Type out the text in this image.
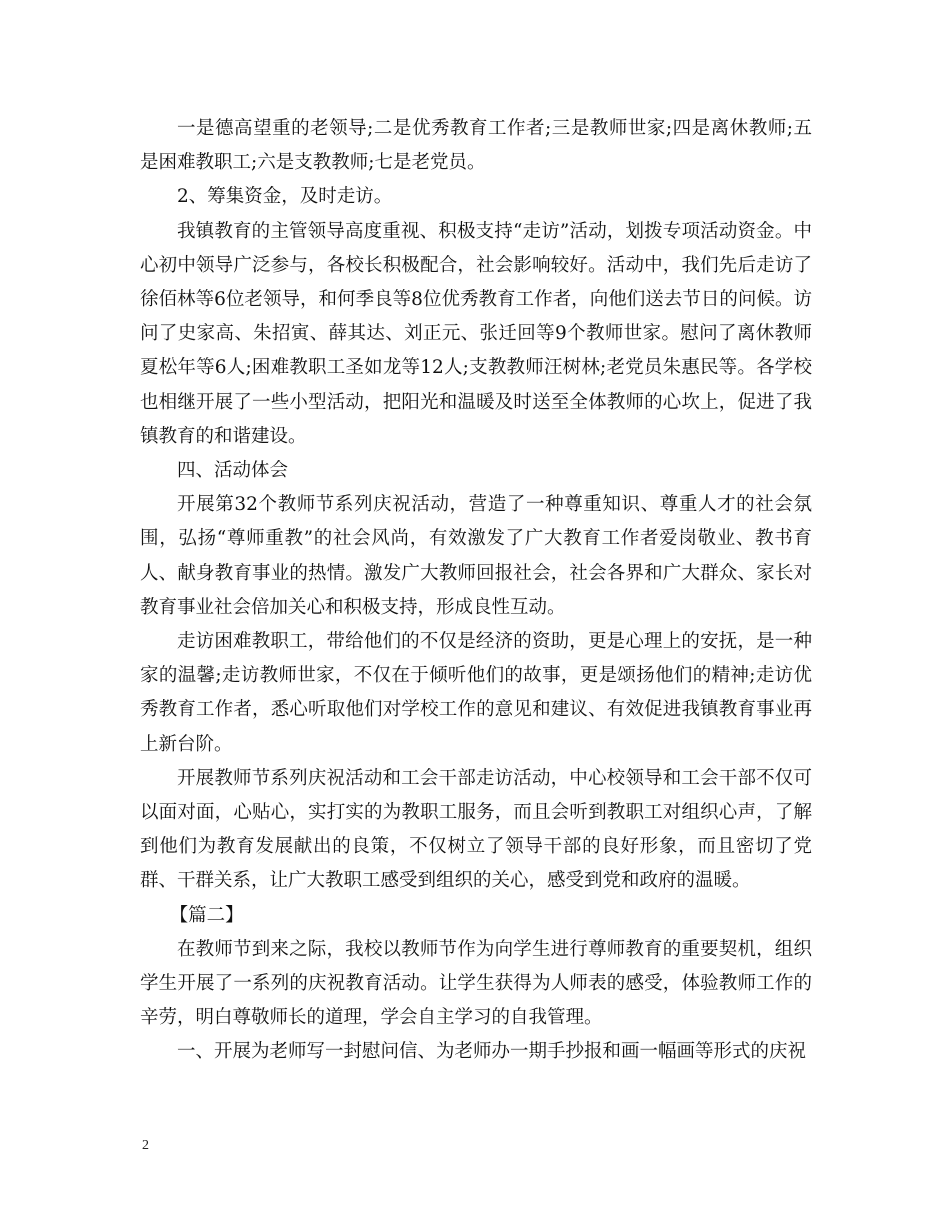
一是德高望重的老领导;二是优秀教育工作者;三是教师世家;四是离休教师;五是困难教职工;六是支教教师;七是老党员。

2、筹集资金，及时走访。

我镇教育的主管领导高度重视、积极支持“走访”活动，划拨专项活动资金。中心初中领导广泛参与，各校长积极配合，社会影响较好。活动中，我们先后走访了徐佰林等6位老领导，和何季良等8位优秀教育工作者，向他们送去节日的问候。访问了史家高、朱招寅、薛其达、刘正元、张迁回等9个教师世家。慰问了离休教师夏松年等6人;困难教职工圣如龙等12人;支教教师汪树林;老党员朱惠民等。各学校也相继开展了一些小型活动，把阳光和温暖及时送至全体教师的心坎上，促进了我镇教育的和谐建设。

四、活动体会

开展第32个教师节系列庆祝活动，营造了一种尊重知识、尊重人才的社会氛围，弘扬“尊师重教”的社会风尚，有效激发了广大教育工作者爱岗敬业、教书育人、献身教育事业的热情。激发广大教师回报社会，社会各界和广大群众、家长对教育事业社会倍加关心和积极支持，形成良性互动。

走访困难教职工，带给他们的不仅是经济的资助，更是心理上的安抚，是一种家的温馨;走访教师世家，不仅在于倾听他们的故事，更是颂扬他们的精神;走访优秀教育工作者，悉心听取他们对学校工作的意见和建议、有效促进我镇教育事业再上新台阶。

开展教师节系列庆祝活动和工会干部走访活动，中心校领导和工会干部不仅可以面对面，心贴心，实打实的为教职工服务，而且会听到教职工对组织心声，了解到他们为教育发展献出的良策，不仅树立了领导干部的良好形象，而且密切了党群、干群关系，让广大教职工感受到组织的关心，感受到党和政府的温暖。

【篇二】

在教师节到来之际，我校以教师节作为向学生进行尊师教育的重要契机，组织学生开展了一系列的庆祝教育活动。让学生获得为人师表的感受，体验教师工作的辛劳，明白尊敬师长的道理，学会自主学习的自我管理。

一、开展为老师写一封慰问信、为老师办一期手抄报和画一幅画等形式的庆祝

2
